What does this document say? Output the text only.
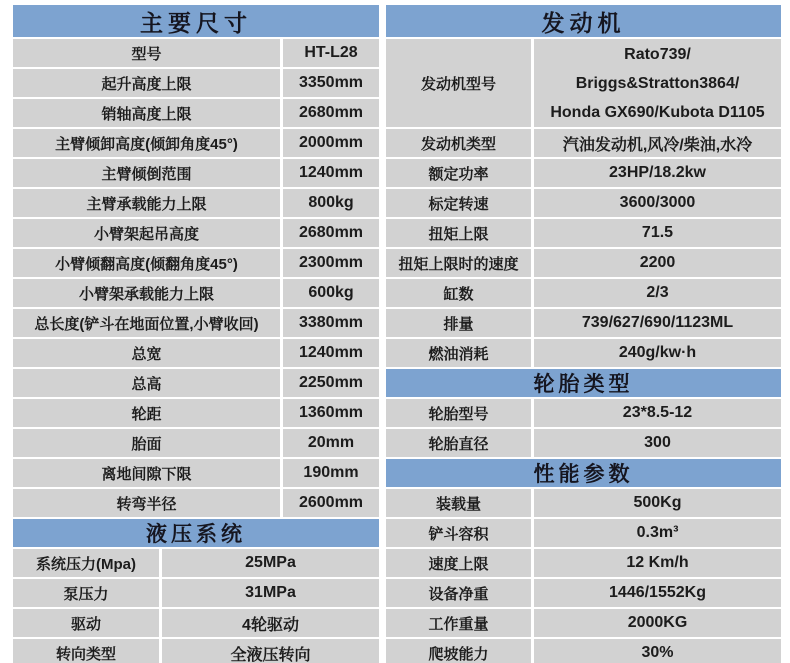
主要尺寸
型号	HT-L28
起升高度上限	3350mm
销轴高度上限	2680mm
主臂倾卸高度(倾卸角度45°)	2000mm
主臂倾倒范围	1240mm
主臂承载能力上限	800kg
小臂架起吊高度	2680mm
小臂倾翻高度(倾翻角度45°)	2300mm
小臂架承载能力上限	600kg
总长度(铲斗在地面位置,小臂收回)	3380mm
总宽	1240mm
总高	2250mm
轮距	1360mm
胎面	20mm
离地间隙下限	190mm
转弯半径	2600mm
液压系统
系统压力(Mpa)	25MPa
泵压力	31MPa
驱动	4轮驱动
转向类型	全液压转向
发动机
发动机型号
Rato739/
Briggs&Stratton3864/
Honda GX690/Kubota D1105
发动机类型	汽油发动机,风冷/柴油,水冷
额定功率	23HP/18.2kw
标定转速	3600/3000
扭矩上限	71.5
扭矩上限时的速度	2200
缸数	2/3
排量	739/627/690/1123ML
燃油消耗	240g/kw·h
轮胎类型
轮胎型号	23*8.5-12
轮胎直径	300
性能参数
装载量	500Kg
铲斗容积	0.3m³
速度上限	12 Km/h
设备净重	1446/1552Kg
工作重量	2000KG
爬坡能力	30%
